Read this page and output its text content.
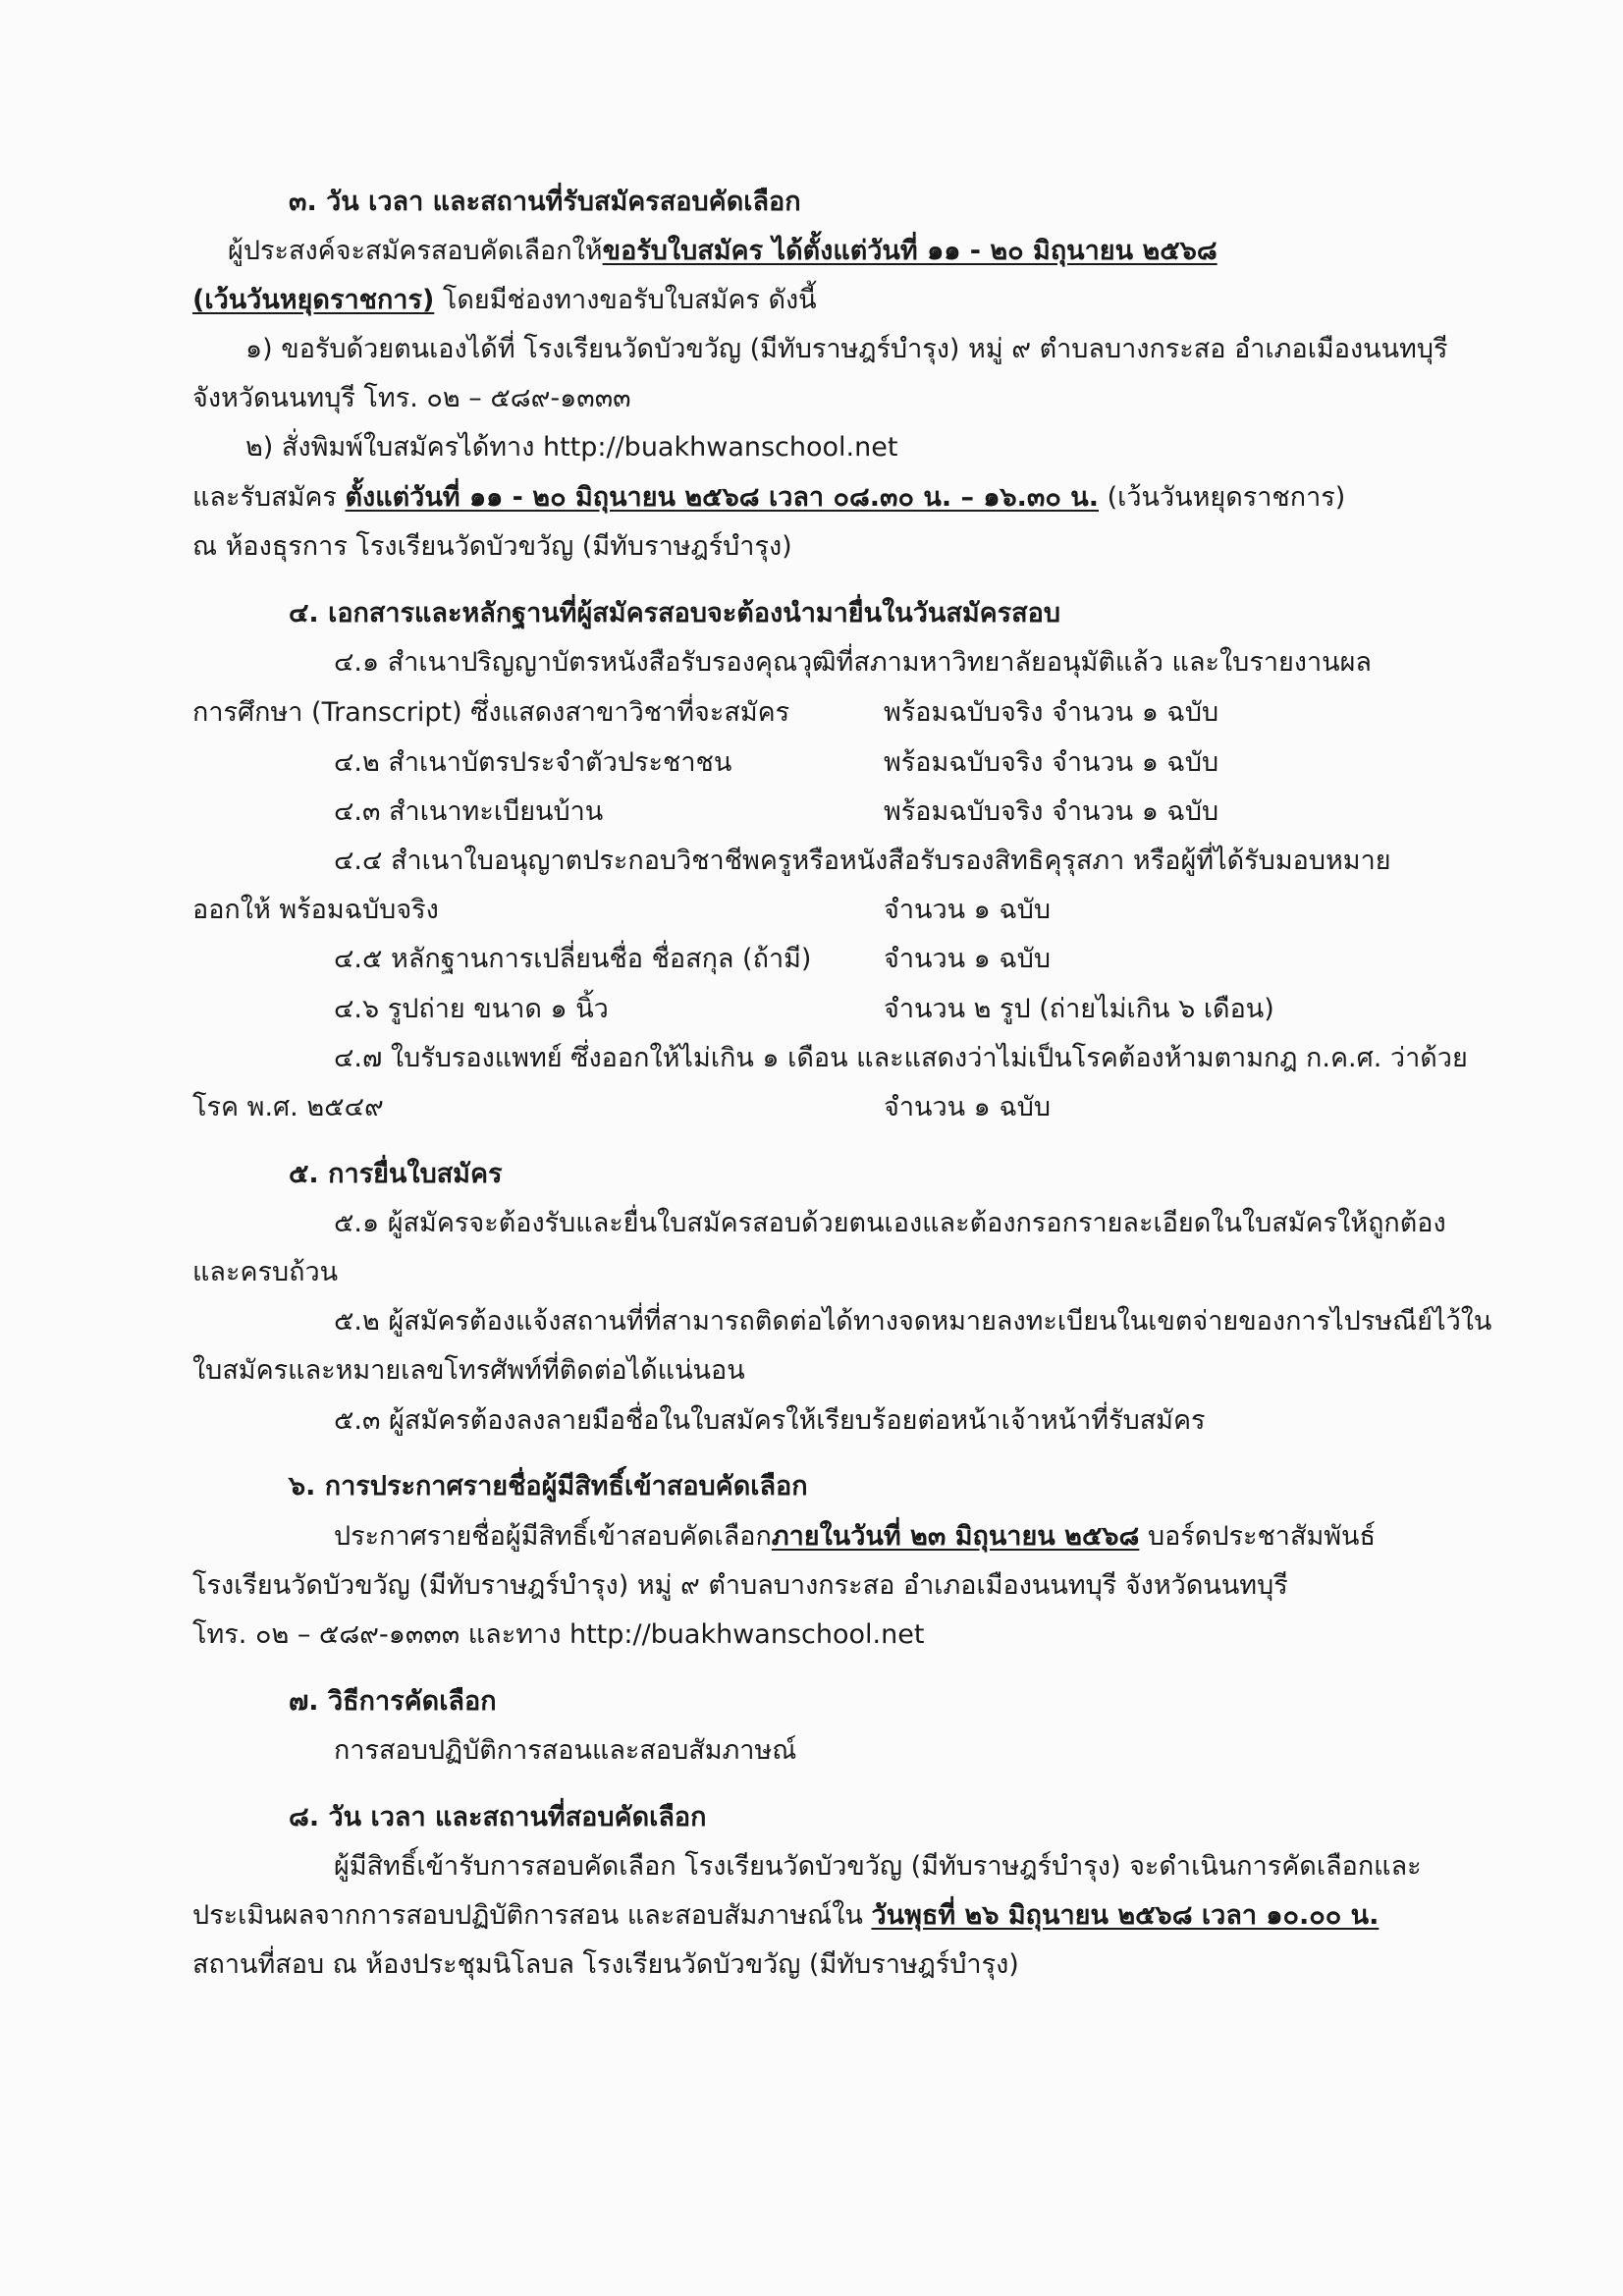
๓. วัน เวลา และสถานที่รับสมัครสอบคัดเลือก
ผู้ประสงค์จะสมัครสอบคัดเลือกให้ขอรับใบสมัคร ได้ตั้งแต่วันที่ ๑๑ - ๒๐ มิถุนายน ๒๕๖๘
(เว้นวันหยุดราชการ) โดยมีช่องทางขอรับใบสมัคร ดังนี้
๑) ขอรับด้วยตนเองได้ที่ โรงเรียนวัดบัวขวัญ (มีทับราษฎร์บำรุง) หมู่ ๙ ตำบลบางกระสอ อำเภอเมืองนนทบุรี
จังหวัดนนทบุรี โทร. ๐๒ – ๕๘๙-๑๓๓๓
๒) สั่งพิมพ์ใบสมัครได้ทาง http://buakhwanschool.net
และรับสมัคร ตั้งแต่วันที่ ๑๑ - ๒๐ มิถุนายน ๒๕๖๘ เวลา ๐๘.๓๐ น. – ๑๖.๓๐ น. (เว้นวันหยุดราชการ)
ณ ห้องธุรการ โรงเรียนวัดบัวขวัญ (มีทับราษฎร์บำรุง)
๔. เอกสารและหลักฐานที่ผู้สมัครสอบจะต้องนำมายื่นในวันสมัครสอบ
๔.๑ สำเนาปริญญาบัตรหนังสือรับรองคุณวุฒิที่สภามหาวิทยาลัยอนุมัติแล้ว และใบรายงานผล
การศึกษา (Transcript) ซึ่งแสดงสาขาวิชาที่จะสมัคร	พร้อมฉบับจริง จำนวน ๑ ฉบับ
๔.๒ สำเนาบัตรประจำตัวประชาชน	พร้อมฉบับจริง จำนวน ๑ ฉบับ
๔.๓ สำเนาทะเบียนบ้าน	พร้อมฉบับจริง จำนวน ๑ ฉบับ
๔.๔ สำเนาใบอนุญาตประกอบวิชาชีพครูหรือหนังสือรับรองสิทธิคุรุสภา หรือผู้ที่ได้รับมอบหมาย
ออกให้ พร้อมฉบับจริง	จำนวน ๑ ฉบับ
๔.๕ หลักฐานการเปลี่ยนชื่อ ชื่อสกุล (ถ้ามี)	จำนวน ๑ ฉบับ
๔.๖ รูปถ่าย ขนาด ๑ นิ้ว	จำนวน ๒ รูป (ถ่ายไม่เกิน ๖ เดือน)
๔.๗ ใบรับรองแพทย์ ซึ่งออกให้ไม่เกิน ๑ เดือน และแสดงว่าไม่เป็นโรคต้องห้ามตามกฎ ก.ค.ศ. ว่าด้วย
โรค พ.ศ. ๒๕๔๙	จำนวน ๑ ฉบับ
๕. การยื่นใบสมัคร
๕.๑ ผู้สมัครจะต้องรับและยื่นใบสมัครสอบด้วยตนเองและต้องกรอกรายละเอียดในใบสมัครให้ถูกต้อง
และครบถ้วน
๕.๒ ผู้สมัครต้องแจ้งสถานที่ที่สามารถติดต่อได้ทางจดหมายลงทะเบียนในเขตจ่ายของการไปรษณีย์ไว้ใน
ใบสมัครและหมายเลขโทรศัพท์ที่ติดต่อได้แน่นอน
๕.๓ ผู้สมัครต้องลงลายมือชื่อในใบสมัครให้เรียบร้อยต่อหน้าเจ้าหน้าที่รับสมัคร
๖. การประกาศรายชื่อผู้มีสิทธิ์เข้าสอบคัดเลือก
ประกาศรายชื่อผู้มีสิทธิ์เข้าสอบคัดเลือกภายในวันที่ ๒๓ มิถุนายน ๒๕๖๘ บอร์ดประชาสัมพันธ์
โรงเรียนวัดบัวขวัญ (มีทับราษฎร์บำรุง) หมู่ ๙ ตำบลบางกระสอ อำเภอเมืองนนทบุรี จังหวัดนนทบุรี
โทร. ๐๒ – ๕๘๙-๑๓๓๓ และทาง http://buakhwanschool.net
๗. วิธีการคัดเลือก
การสอบปฏิบัติการสอนและสอบสัมภาษณ์
๘. วัน เวลา และสถานที่สอบคัดเลือก
ผู้มีสิทธิ์เข้ารับการสอบคัดเลือก โรงเรียนวัดบัวขวัญ (มีทับราษฎร์บำรุง) จะดำเนินการคัดเลือกและ
ประเมินผลจากการสอบปฏิบัติการสอน และสอบสัมภาษณ์ใน วันพุธที่ ๒๖ มิถุนายน ๒๕๖๘ เวลา ๑๐.๐๐ น.
สถานที่สอบ ณ ห้องประชุมนิโลบล โรงเรียนวัดบัวขวัญ (มีทับราษฎร์บำรุง)
